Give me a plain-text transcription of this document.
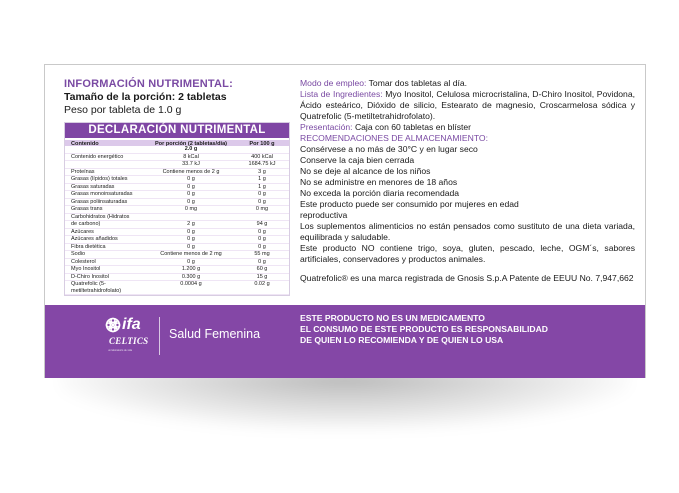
INFORMACIÓN NUTRIMENTAL:
Tamaño de la porción: 2 tabletas
Peso por tableta de 1.0 g
DECLARACIÓN NUTRIMENTAL
Contenido	Por porción (2 tabletas/día)	Por 100 g
2.0 g
Contenido energético	8 kCal	400 kCal
33.7 kJ	1684.75 kJ
Proteínas	Contiene menos de 2 g	3 g
Grasas (lípidos) totales	0 g	1 g
Grasas saturadas	0 g	1 g
Grasas monoinsaturadas	0 g	0 g
Grasas poliinsaturadas	0 g	0 g
Grasas trans	0 mg	0 mg
Carbohidratos (Hidratos
de carbono)	2 g	94 g
Azúcares	0 g	0 g
Azúcares añadidos	0 g	0 g
Fibra dietética	0 g	0 g
Sodio	Contiene menos de 2 mg	55 mg
Colesterol	0 g	0 g
Myo Inositol	1.200 g	60 g
D-Chiro Inositol	0.300 g	15 g
Quatrefolic (5-metiltetrahidrofolato)
0.0004 g	0.02 g
Modo de empleo: Tomar dos tabletas al día.
Lista de Ingredientes: Myo Inositol, Celulosa microcristalina, D-Chiro Inositol, Povidona, Ácido esteárico, Dióxido de silicio, Estearato de magnesio, Croscarmelosa sódica y Quatrefolic (5-metiltetrahidrofolato).
Presentación: Caja con 60 tabletas en blíster
RECOMENDACIONES DE ALMACENAMIENTO:
Consérvese a no más de 30°C y en lugar seco
Conserve la caja bien cerrada
No se deje al alcance de los niños
No se administre en menores de 18 años
No exceda la porción diaria recomendada
Este producto puede ser consumido por mujeres en edad reproductiva
Los suplementos alimenticios no están pensados como sustituto de una dieta variada, equilibrada y saludable.
Este producto NO contiene trigo, soya, gluten, pescado, leche, OGM´s, sabores artificiales, conservadores y productos animales.
Quatrefolic® es una marca registrada de Gnosis S.p.A Patente de EEUU No. 7,947,662
ifa
CELTICS
un laboratorio de vida
Salud Femenina
ESTE PRODUCTO NO ES UN MEDICAMENTO
EL CONSUMO DE ESTE PRODUCTO ES RESPONSABILIDAD
DE QUIEN LO RECOMIENDA Y DE QUIEN LO USA
